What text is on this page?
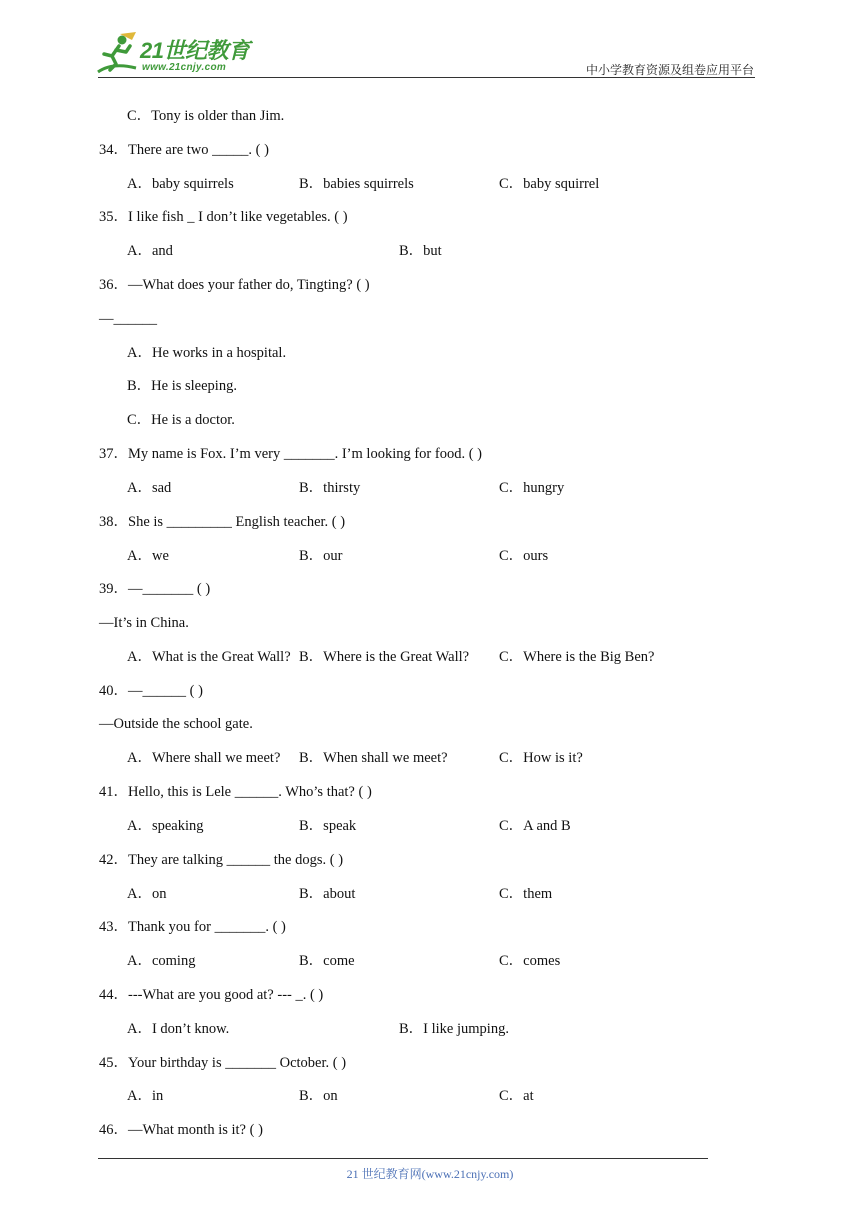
21世纪教育
www.21cnjy.com	中小学教育资源及组卷应用平台
C．Tony is older than Jim.
34．There are two _____. ( )
A．baby squirrels	B．babies squirrels	C．baby squirrel
35．I like fish _ I don’t like vegetables. ( )
A．and	B．but
36．—What does your father do, Tingting? ( )
—______
A．He works in a hospital.
B．He is sleeping.
C．He is a doctor.
37．My name is Fox. I’m very _______. I’m looking for food. ( )
A．sad	B．thirsty	C．hungry
38．She is _________ English teacher. ( )
A．we	B．our	C．ours
39．—_______ ( )
—It’s in China.
A．What is the Great Wall? B．Where is the Great Wall? C．Where is the Big Ben?
40．—______ ( )
—Outside the school gate.
A．Where shall we meet? B．When shall we meet?	C．How is it?
41．Hello, this is Lele ______. Who’s that? ( )
A．speaking	B．speak	C．A and B
42．They are talking ______ the dogs. ( )
A．on	B．about	C．them
43．Thank you for _______. ( )
A．coming	B．come	C．comes
44．---What are you good at? --- _. ( )
A．I don’t know.	B．I like jumping.
45．Your birthday is _______ October. ( )
A．in	B．on	C．at
46．—What month is it? ( )
21 世纪教育网(www.21cnjy.com)
